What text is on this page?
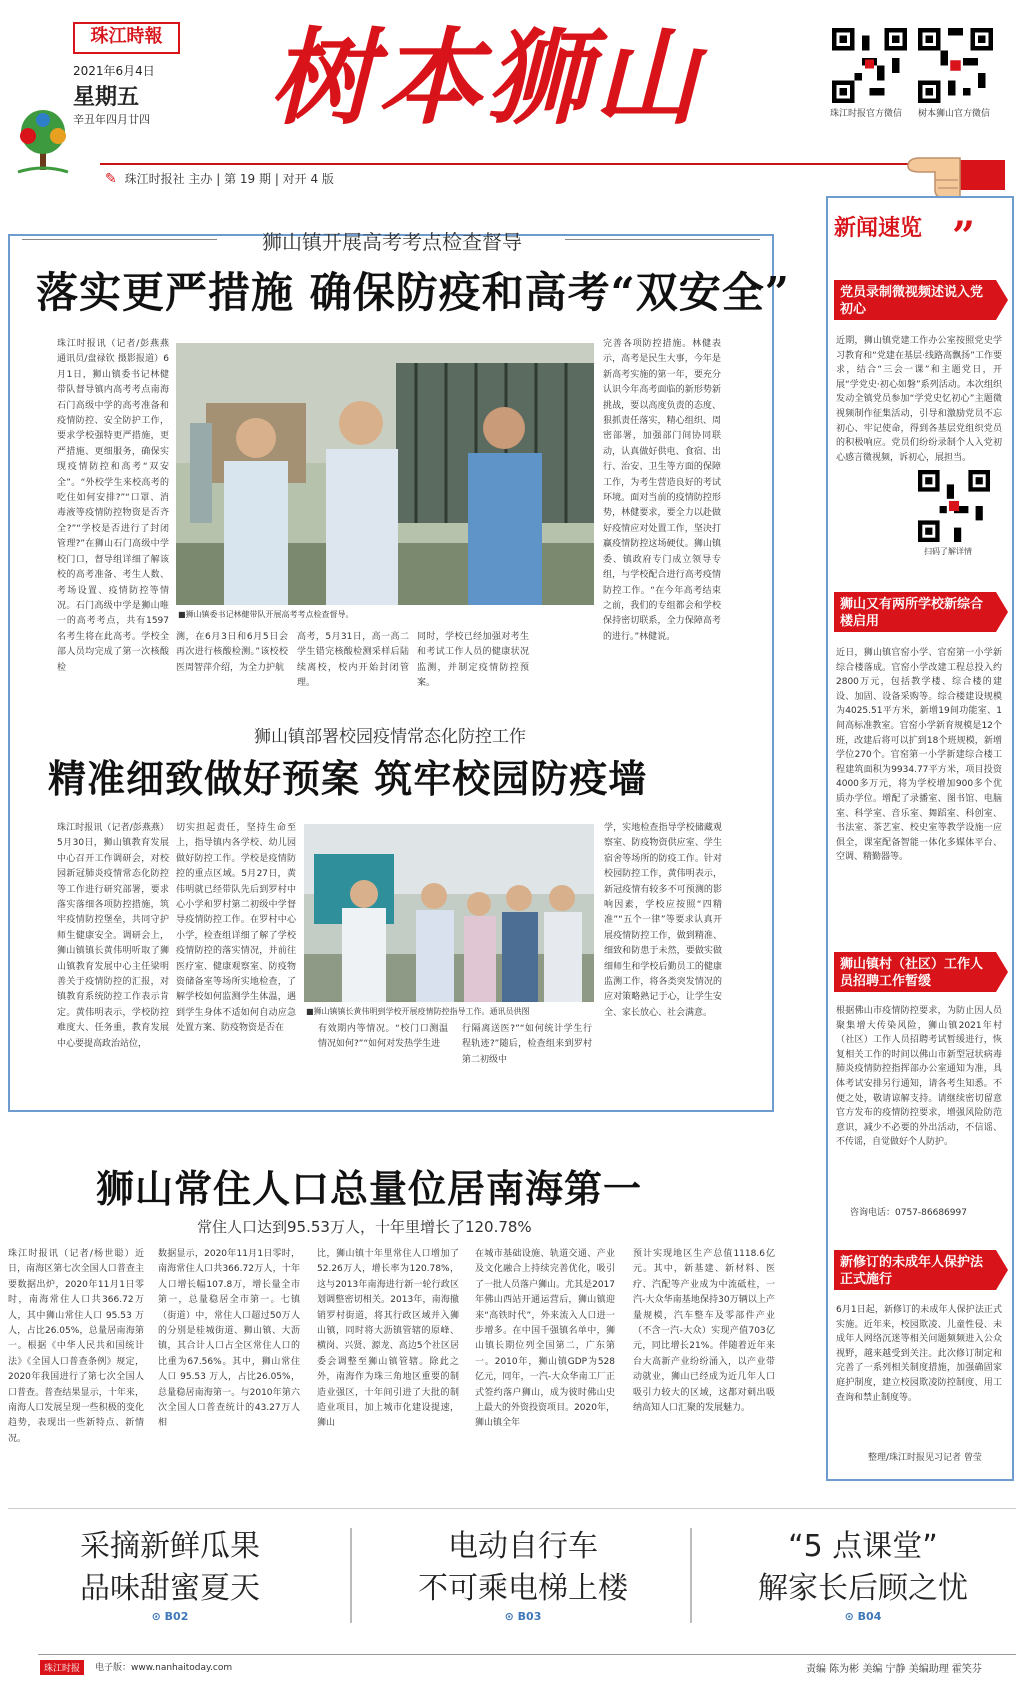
珠江時報
2021年6月4日
星期五
辛丑年四月廿四 树本狮山	珠江时报官方微信 树本狮山官方微信
✎ 珠江时报社 主办 | 第 19 期 | 对开 4 版
狮山镇开展高考考点检查督导
落实更严措施 确保防疫和高考“双安全”
珠江时报讯（记者/彭燕燕 通讯员/盘禄钦 摄影报道）6月1日，狮山镇委书记林健带队督导镇内高考考点南海石门高级中学的高考准备和疫情防控、安全防护工作，要求学校强特更严措施，更严措施、更细服务，确保实现疫情防控和高考“双安全”。“外校学生来校高考的吃住如何安排?”“口罩、消毒液等疫情防控物资是否齐全?”“学校是否进行了封闭管理?”在狮山石门高级中学校门口，督导组详细了解该校的高考准备、考生人数、考场设置、疫情防控等情况。石门高级中学是狮山唯一的高考考点，共有1597名考生将在此高考。学校全部人员均完成了第一次核酸检
■狮山镇委书记林健带队开展高考考点检查督导。
测，在6月3日和6月5日会再次进行核酸检测。”该校校医周智萍介绍，为全力护航
高考，5月31日，高一高二学生错完核酸检测采样后陆续离校，校内开始封闭管理。
同时，学校已经加强对考生和考试工作人员的健康状况监测，并制定疫情防控预案。
完善各项防控措施。林健表示，高考是民生大事，今年是新高考实施的第一年，要充分认识今年高考面临的新形势新挑战，要以高度负责的态度、狠抓责任落实，精心组织、周密部署，加强部门间协同联动，认真做好供电、食宿、出行、治安、卫生等方面的保障工作，为考生营造良好的考试环境。面对当前的疫情防控形势，林健要求，要全力以赴做好疫情应对处置工作，坚决打赢疫情防控这场硬仗。狮山镇委、镇政府专门成立领导专组，与学校配合进行高考疫情防控工作。“在今年高考结束之前，我们的专组都会和学校保持密切联系，全力保障高考的进行。”林健说。
狮山镇部署校园疫情常态化防控工作
精准细致做好预案 筑牢校园防疫墙
珠江时报讯（记者/彭燕燕）5月30日，狮山镇教育发展中心召开工作调研会，对校园新冠肺炎疫情常态化防控等工作进行研究部署，要求落实落细各项防控措施，筑牢疫情防控堡垒，共同守护师生健康安全。调研会上，狮山镇镇长黄伟明听取了狮山镇教育发展中心主任梁明善关于疫情防控的汇报，对镇教育系统防控工作表示肯定。黄伟明表示，学校防控难度大、任务重，教育发展中心要提高政治站位，
切实担起责任，坚持生命至上，指导镇内各学校、幼儿园做好防控工作。学校是疫情防控的重点区域。5月27日，黄伟明就已经带队先后到罗村中心小学和罗村第二初级中学督导疫情防控工作。在罗村中心小学，检查组详细了解了学校疫情防控的落实情况，并前往医疗室、健康观察室、防疫物资储备室等场所实地检查，了解学校如何监测学生体温，遇到学生身体不适如何自动应急处置方案、防疫物资是否在
■狮山镇镇长黄伟明到学校开展疫情防控指导工作。通讯员供图
有效期内等情况。“校门口测温情况如何?”“如何对发热学生进
行隔离送医?”“如何统计学生行程轨迹?”随后，检查组来到罗村第二初级中
学，实地检查指导学校储藏观察室、防疫物资供应室、学生宿舍等场所的防疫工作。针对校园防控工作，黄伟明表示，新冠疫情有较多不可预测的影响因素，学校应按照“四精准”“五个一律”等要求认真开展疫情防控工作，做到精准、细致和防患于未然，要做实做细师生和学校后勤员工的健康监测工作，将各类突发情况的应对策略熟记于心，让学生安全、家长放心、社会满意。
狮山常住人口总量位居南海第一
常住人口达到95.53万人，十年里增长了120.78%
珠江时报讯（记者/杨世聪）近日，南海区第七次全国人口普查主要数据出炉，2020年11月1日零时，南海常住人口共366.72万人，其中狮山常住人口 95.53 万人，占比26.05%，总量居南海第一。根据《中华人民共和国统计法》《全国人口普查条例》规定，2020年我国进行了第七次全国人口普查。普查结果显示，十年来，南海人口发展呈现一些积极的变化趋势，表现出一些新特点、新情况。
数据显示，2020年11月1日零时，南海常住人口共366.72万人，十年人口增长幅107.8万，增长量全市第一，总量稳居全市第一。七镇（街道）中，常住人口超过50万人的分别是桂城街道、狮山镇、大沥镇，其合计人口占全区常住人口的比重为67.56%。其中，狮山常住人口 95.53 万人，占比26.05%，总量稳居南海第一。与2010年第六次全国人口普查统计的43.27万人相
比，狮山镇十年里常住人口增加了52.26万人，增长率为120.78%，这与2013年南海进行新一轮行政区划调整密切相关。2013年，南海撤销罗村街道，将其行政区域并入狮山镇，同时将大沥镇管辖的原峰、横岗、兴贤、源龙、高边5个社区居委会调整至狮山镇管辖。除此之外，南海作为珠三角地区重要的制造业强区，十年间引进了大批的制造业项目，加上城市化建设提速，狮山
在城市基础设施、轨道交通、产业及文化融合上持续完善优化，吸引了一批人员落户狮山。尤其是2017年佛山西站开通运营后，狮山镇迎来“高铁时代”，外来流入人口进一步增多。在中国千强镇名单中，狮山镇长期位列全国第二，广东第一。2010年，狮山镇GDP为528亿元，同年，一汽-大众华南工厂正式签约落户狮山，成为彼时佛山史上最大的外资投资项目。2020年，狮山镇全年
预计实现地区生产总值1118.6亿元。其中，新基建、新材料、医疗、汽配等产业成为中流砥柱，一汽-大众华南基地保持30万辆以上产量规模，汽车整车及零部件产业（不含一汽-大众）实现产值703亿元，同比增长21%。伴随着近年来台大高新产业纷纷涌入，以产业带动就业，狮山已经成为近几年人口吸引力较大的区域，这都对刺出吸纳高知人口汇聚的发展魅力。
新闻速览 ”
党员录制微视频述说入党初心
近期，狮山镇党建工作办公室按照党史学习教育和“党建在基层·线路高飘扬”工作要求，结合“三会一课”和主题党日，开展“学党史·初心如磐”系列活动。本次组织发动全镇党员参加“学党史忆初心”主题微视频制作征集活动，引导和激励党员不忘初心、牢记使命，得到各基层党组织党员的积极响应。党员们纷纷录制个人入党初心感言微视频，诉初心，展担当。
扫码了解详情
狮山又有两所学校新综合楼启用
近日，狮山镇官窑小学、官窑第一小学新综合楼落成。官窑小学改建工程总投入约2800万元，包括教学楼、综合楼的建设、加固、设备采购等。综合楼建设规模为4025.51平方米，新增19间功能室、1间高标准教室。官窑小学新育规模是12个班，改建后将可以扩到18个班规模，新增学位270个。官窑第一小学新建综合楼工程建筑面积为9934.77平方米，项目投资4000多万元，将为学校增加900多个优质办学位。增配了录播室、图书馆、电脑室、科学室、音乐室、舞蹈室、科创室、书法室、茶艺室、校史室等教学设施一应俱全，课室配备智能一体化多媒体平台、空调、精勤器等。
狮山镇村（社区）工作人员招聘工作暂缓
根据佛山市疫情防控要求，为防止因人员聚集增大传染风险，狮山镇2021年村（社区）工作人员招聘考试暂缓进行，恢复相关工作的时间以佛山市新型冠状病毒肺炎疫情防控指挥部办公室通知为准，具体考试安排另行通知，请各考生知悉。不便之处，敬请谅解支持。请继续密切留意官方发布的疫情防控要求，增强风险防范意识，减少不必要的外出活动，不信谣、不传谣，自觉做好个人防护。
咨询电话：0757-86686997
新修订的未成年人保护法正式施行
6月1日起，新修订的未成年人保护法正式实施。近年来，校园欺凌、儿童性侵、未成年人网络沉迷等相关问题频频进入公众视野，越来越受到关注。此次修订制定和完善了一系列相关制度措施，加强确固家庭护制度，建立校园欺凌防控制度、用工查询和禁止制度等。
整理/珠江时报见习记者 曾莹
采摘新鲜瓜果
品味甜蜜夏天
⊙ B02
电动自行车
不可乘电梯上楼
⊙ B03
“5 点课堂”
解家长后顾之忧
⊙ B04
珠江时报	电子版：www.nanhaitoday.com	责编 陈为彬 美编 宁静 美编助理 霍笑芬
